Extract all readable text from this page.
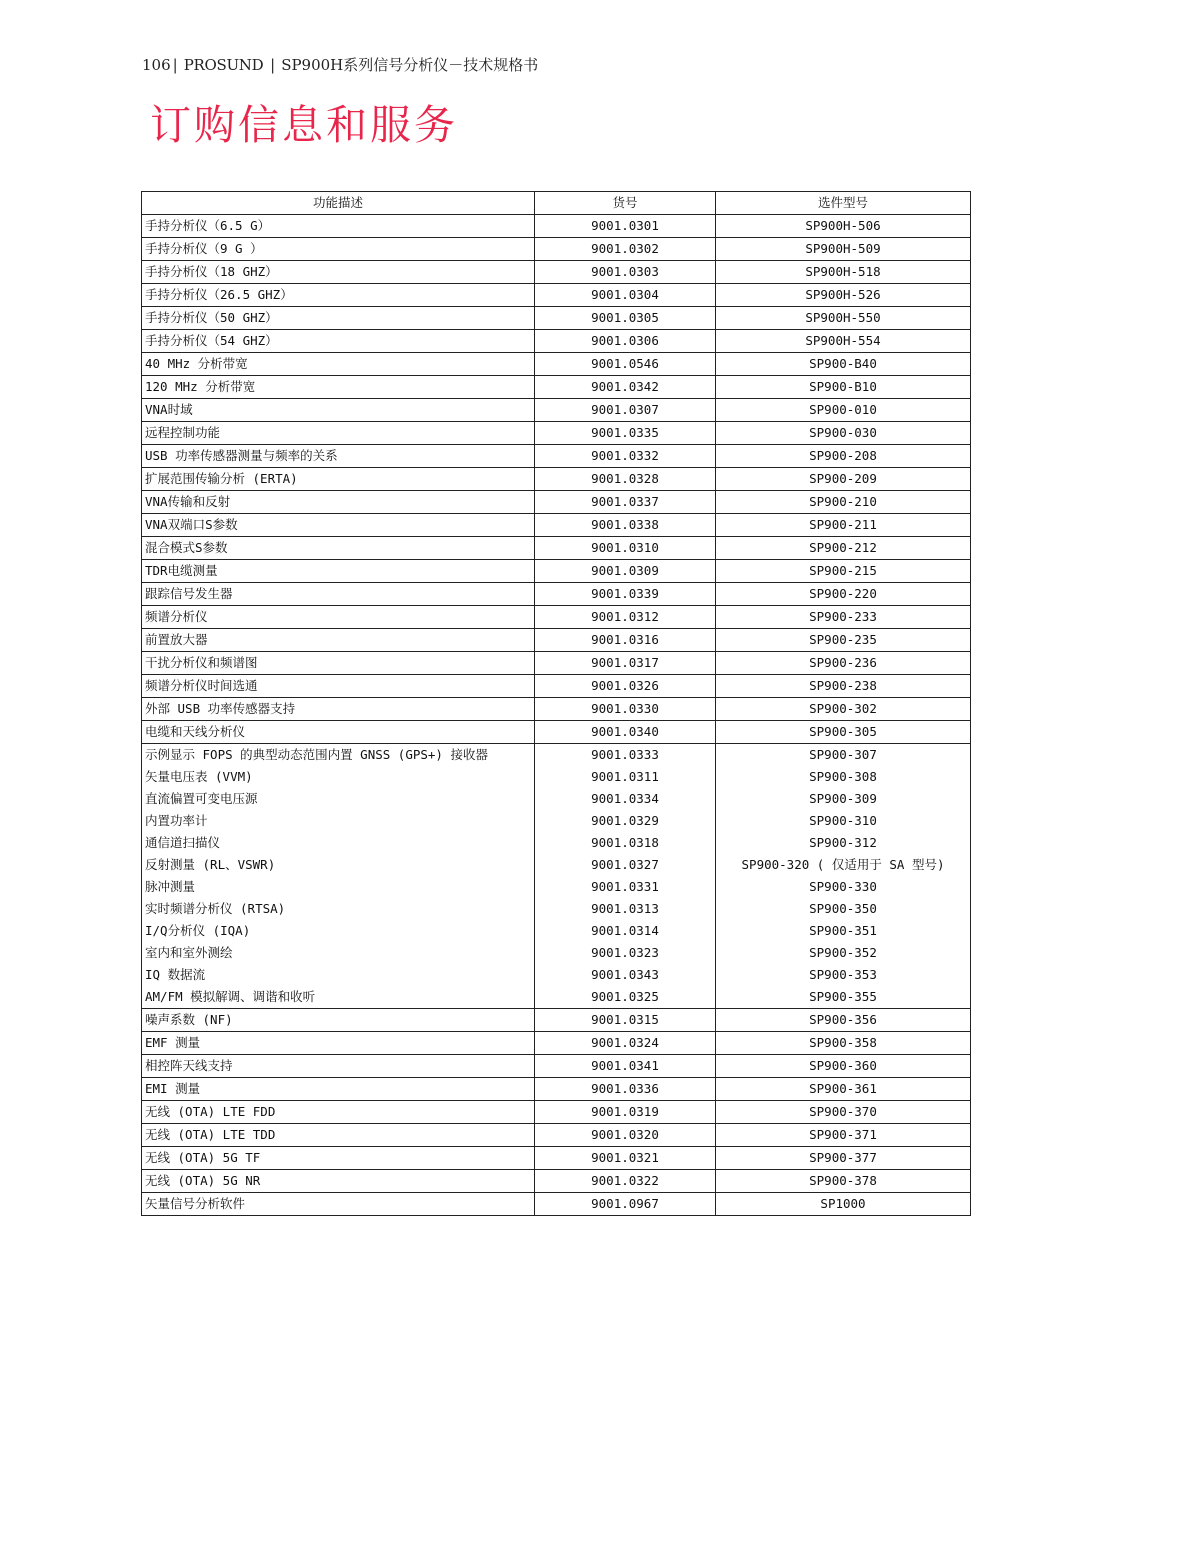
106 | PROSUND | SP900H系列信号分析仪－技术规格书
订购信息和服务
功能描述	货号	选件型号
手持分析仪（6.5 G）	9001.0301	SP900H-506
手持分析仪（9 G ）	9001.0302	SP900H-509
手持分析仪（18 GHZ）	9001.0303	SP900H-518
手持分析仪（26.5 GHZ）	9001.0304	SP900H-526
手持分析仪（50 GHZ）	9001.0305	SP900H-550
手持分析仪（54 GHZ）	9001.0306	SP900H-554
40 MHz 分析带宽	9001.0546	SP900-B40
120 MHz 分析带宽	9001.0342	SP900-B10
VNA时域	9001.0307	SP900-010
远程控制功能	9001.0335	SP900-030
USB 功率传感器测量与频率的关系	9001.0332	SP900-208
扩展范围传输分析 (ERTA)	9001.0328	SP900-209
VNA传输和反射	9001.0337	SP900-210
VNA双端口S参数	9001.0338	SP900-211
混合模式S参数	9001.0310	SP900-212
TDR电缆测量	9001.0309	SP900-215
跟踪信号发生器	9001.0339	SP900-220
频谱分析仪	9001.0312	SP900-233
前置放大器	9001.0316	SP900-235
干扰分析仪和频谱图	9001.0317	SP900-236
频谱分析仪时间选通	9001.0326	SP900-238
外部 USB 功率传感器支持	9001.0330	SP900-302
电缆和天线分析仪	9001.0340	SP900-305
示例显示 FOPS 的典型动态范围内置 GNSS (GPS+) 接收器	9001.0333	SP900-307
矢量电压表 (VVM)	9001.0311	SP900-308
直流偏置可变电压源	9001.0334	SP900-309
内置功率计	9001.0329	SP900-310
通信道扫描仪	9001.0318	SP900-312
反射测量 (RL、VSWR)	9001.0327	SP900-320 ( 仅适用于 SA 型号)
脉冲测量	9001.0331	SP900-330
实时频谱分析仪 (RTSA)	9001.0313	SP900-350
I/Q分析仪 (IQA)	9001.0314	SP900-351
室内和室外测绘	9001.0323	SP900-352
IQ 数据流	9001.0343	SP900-353
AM/FM 模拟解调、调谐和收听	9001.0325	SP900-355
噪声系数 (NF)	9001.0315	SP900-356
EMF 测量	9001.0324	SP900-358
相控阵天线支持	9001.0341	SP900-360
EMI 测量	9001.0336	SP900-361
无线 (OTA) LTE FDD	9001.0319	SP900-370
无线 (OTA) LTE TDD	9001.0320	SP900-371
无线 (OTA) 5G TF	9001.0321	SP900-377
无线 (OTA) 5G NR	9001.0322	SP900-378
矢量信号分析软件	9001.0967	SP1000
